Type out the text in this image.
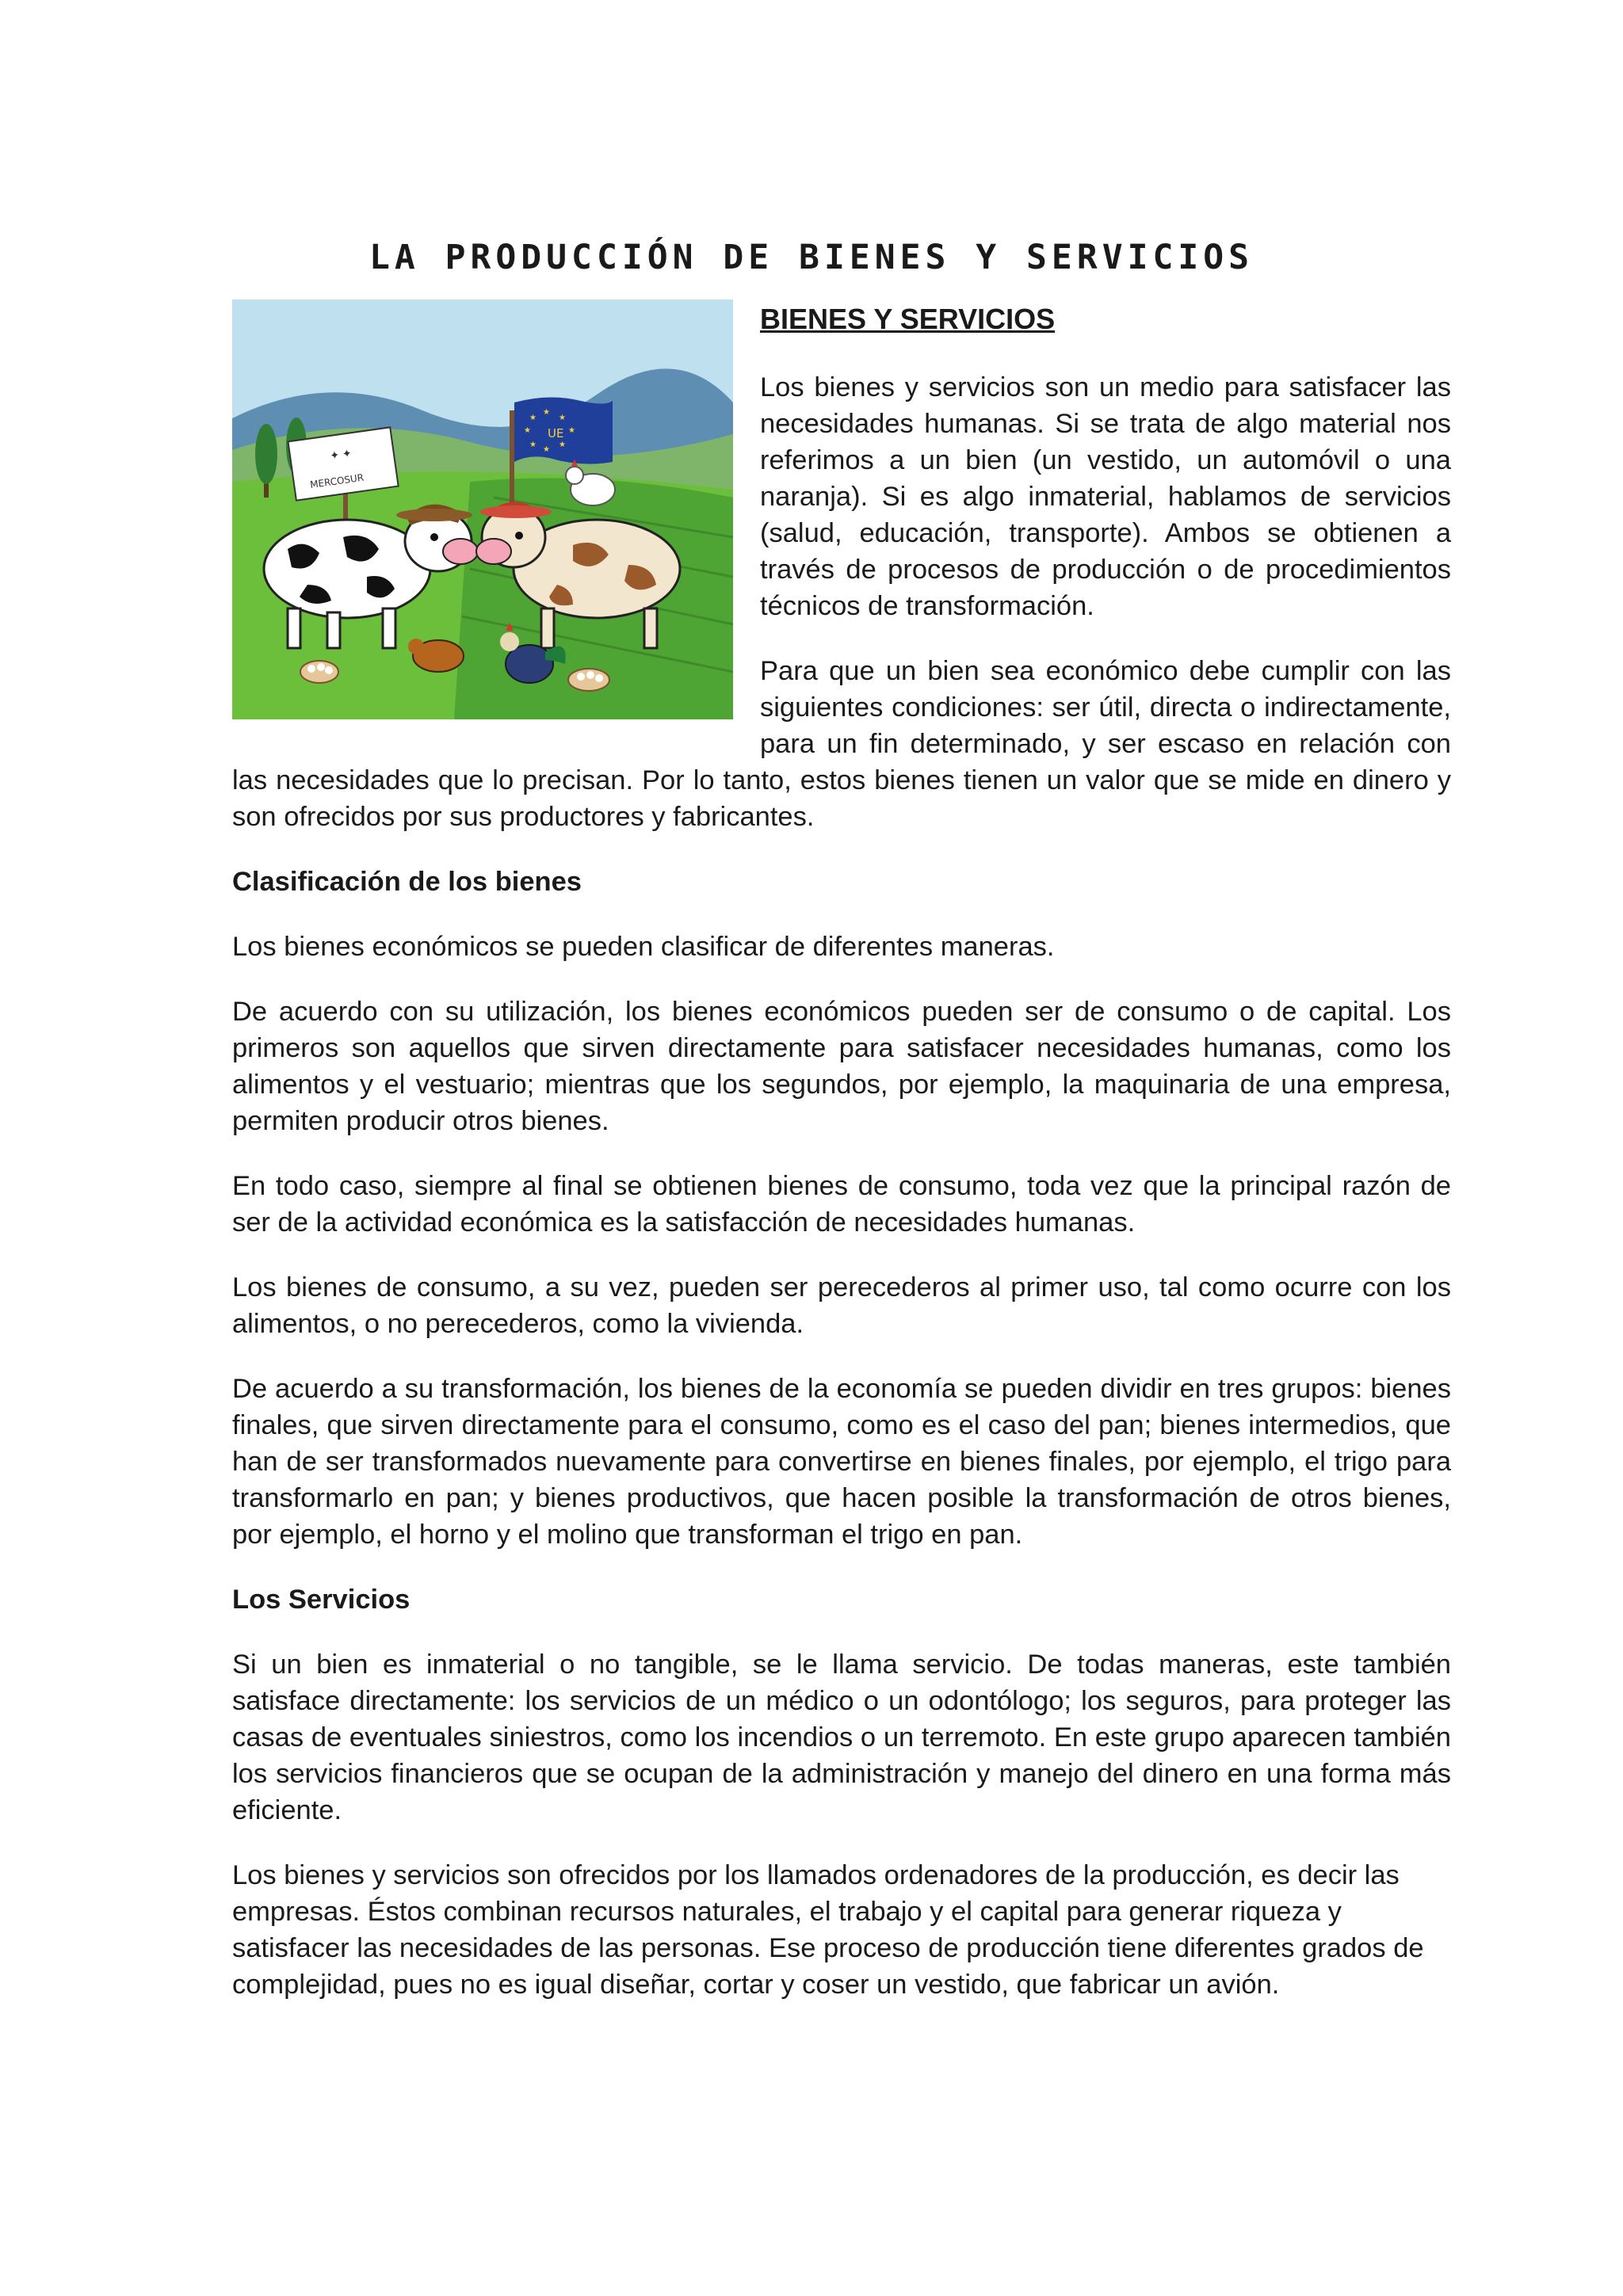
LA PRODUCCIÓN DE BIENES Y SERVICIOS
MERCOSUR
✦ ✦
★
★
★
★
★
★
★
★
UE
BIENES Y SERVICIOS

Los bienes y servicios son un medio para satisfacer las necesidades humanas. Si se trata de algo material nos referimos a un bien (un vestido, un automóvil o una naranja). Si es algo inmaterial, hablamos de servicios (salud, educación, transporte). Ambos se obtienen a través de procesos de producción o de procedimientos técnicos de transformación.

Para que un bien sea económico debe cumplir con las siguientes condiciones: ser útil, directa o indirectamente, para un fin determinado, y ser escaso en relación con las necesidades que lo precisan. Por lo tanto, estos bienes tienen un valor que se mide en dinero y son ofrecidos por sus productores y fabricantes.

Clasificación de los bienes

Los bienes económicos se pueden clasificar de diferentes maneras.

De acuerdo con su utilización, los bienes económicos pueden ser de consumo o de capital. Los primeros son aquellos que sirven directamente para satisfacer necesidades humanas, como los alimentos y el vestuario; mientras que los segundos, por ejemplo, la maquinaria de una empresa, permiten producir otros bienes.

En todo caso, siempre al final se obtienen bienes de consumo, toda vez que la principal razón de ser de la actividad económica es la satisfacción de necesidades humanas.

Los bienes de consumo, a su vez, pueden ser perecederos al primer uso, tal como ocurre con los alimentos, o no perecederos, como la vivienda.

De acuerdo a su transformación, los bienes de la economía se pueden dividir en tres grupos: bienes finales, que sirven directamente para el consumo, como es el caso del pan; bienes intermedios, que han de ser transformados nuevamente para convertirse en bienes finales, por ejemplo, el trigo para transformarlo en pan; y bienes productivos, que hacen posible la transformación de otros bienes, por ejemplo, el horno y el molino que transforman el trigo en pan.

Los Servicios

Si un bien es inmaterial o no tangible, se le llama servicio. De todas maneras, este también satisface directamente: los servicios de un médico o un odontólogo; los seguros, para proteger las casas de eventuales siniestros, como los incendios o un terremoto. En este grupo aparecen también los servicios financieros que se ocupan de la administración y manejo del dinero en una forma más eficiente.

Los bienes y servicios son ofrecidos por los llamados ordenadores de la producción, es decir las empresas. Éstos combinan recursos naturales, el trabajo y el capital para generar riqueza y satisfacer las necesidades de las personas. Ese proceso de producción tiene diferentes grados de complejidad, pues no es igual diseñar, cortar y coser un vestido, que fabricar un avión.
